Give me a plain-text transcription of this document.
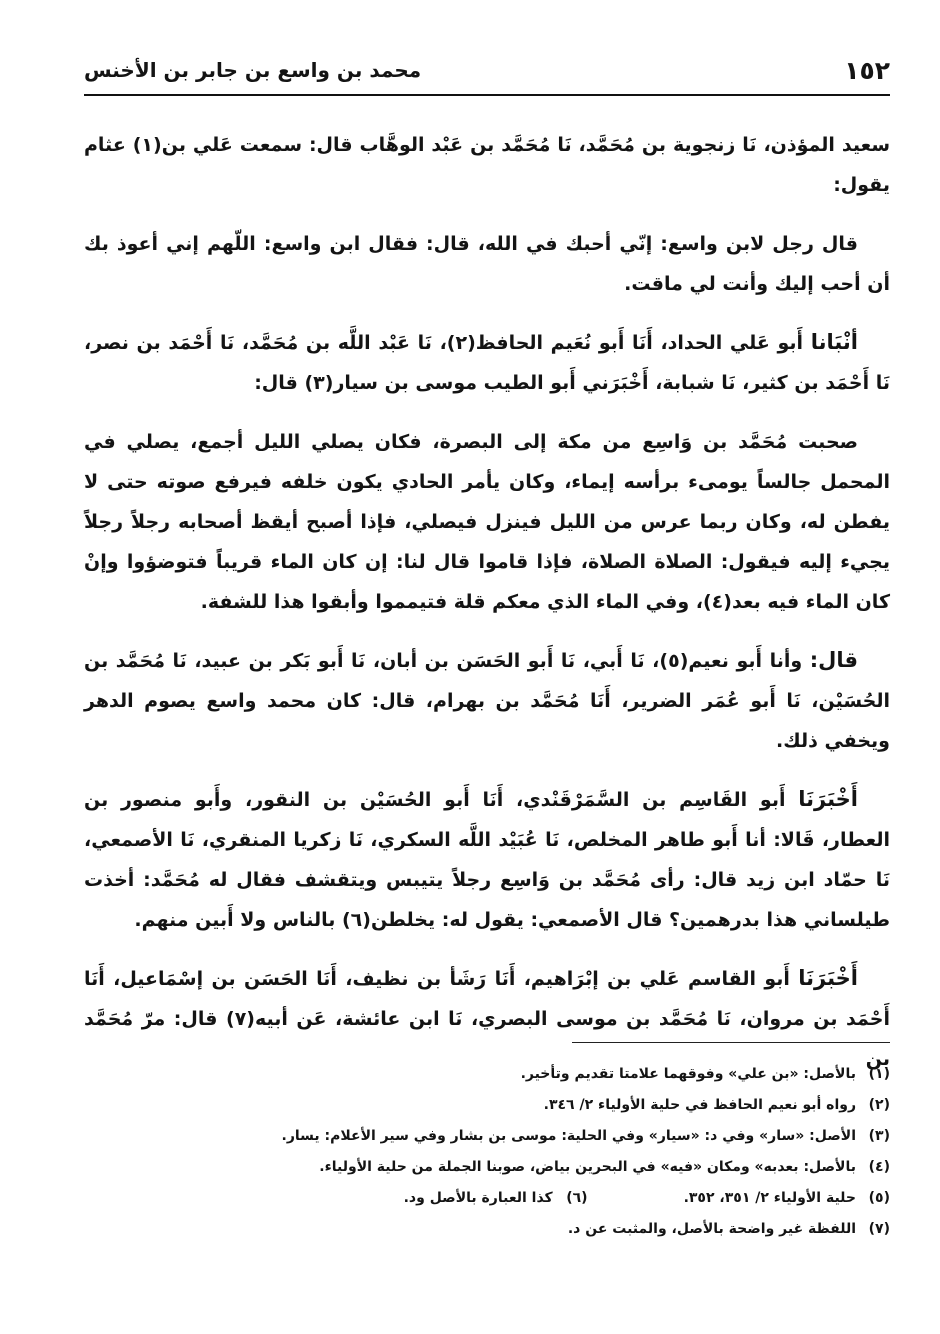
١٥٢
محمد بن واسع بن جابر بن الأخنس

سعيد المؤذن، نَا زنجوية بن مُحَمَّد، نَا مُحَمَّد بن عَبْد الوهَّاب قال: سمعت عَلي بن(١) عثام يقول:

قال رجل لابن واسع: إنّي أحبك في الله، قال: فقال ابن واسع: اللّهم إني أعوذ بك أن أحب إليك وأنت لي ماقت.

أنْبَانا أَبو عَلي الحداد، أَنَا أَبو نُعَيم الحافظ(٢)، نَا عَبْد اللَّه بن مُحَمَّد، نَا أَحْمَد بن نصر، نَا أَحْمَد بن كثير، نَا شبابة، أَخْبَرَني أَبو الطيب موسى بن سيار(٣) قال:

صحبت مُحَمَّد بن وَاسِع من مكة إلى البصرة، فكان يصلي الليل أجمع، يصلي في المحمل جالساً يومىء برأسه إيماء، وكان يأمر الحادي يكون خلفه فيرفع صوته حتى لا يفطن له، وكان ربما عرس من الليل فينزل فيصلي، فإذا أصبح أيقظ أصحابه رجلاً رجلاً يجيء إليه فيقول: الصلاة الصلاة، فإذا قاموا قال لنا: إن كان الماء قريباً فتوضؤوا وإنْ كان الماء فيه بعد(٤)، وفي الماء الذي معكم قلة فتيمموا وأبقوا هذا للشفة.

قال: وأنا أَبو نعيم(٥)، نَا أَبي، نَا أَبو الحَسَن بن أبان، نَا أَبو بَكر بن عبيد، نَا مُحَمَّد بن الحُسَيْن، نَا أَبو عُمَر الضرير، أَنَا مُحَمَّد بن بهرام، قال: كان محمد واسع يصوم الدهر ويخفي ذلك.

أَخْبَرَنَا أَبو القَاسِم بن السَّمَرْقَنْدي، أَنَا أَبو الحُسَيْن بن النقور، وأَبو منصور بن العطار، قَالا: أنا أَبو طاهر المخلص، نَا عُبَيْد اللَّه السكري، نَا زكريا المنقري، نَا الأصمعي، نَا حمّاد ابن زيد قال: رأى مُحَمَّد بن وَاسِع رجلاً يتيبس ويتقشف فقال له مُحَمَّد: أخذت طيلساني هذا بدرهمين؟ قال الأصمعي: يقول له: يخلطن(٦) بالناس ولا أَبين منهم.

أَخْبَرَنَا أَبو القاسم عَلي بن إبْرَاهيم، أَنَا رَشَأ بن نظيف، أَنَا الحَسَن بن إسْمَاعيل، أَنَا أَحْمَد بن مروان، نَا مُحَمَّد بن موسى البصري، نَا ابن عائشة، عَن أبيه(٧) قال: مرّ مُحَمَّد بن

(١)
بالأصل: «بن علي» وفوقهما علامتا تقديم وتأخير.
(٢)
رواه أبو نعيم الحافظ في حلية الأولياء ٢/ ٣٤٦.
(٣)
الأصل: «سار» وفي د: «سيار» وفي الحلية: موسى بن بشار وفي سير الأعلام: يسار.
(٤)
بالأصل: بعدبه» ومكان «فيه» في البحرين بياض، صوبنا الجملة من حلية الأولياء.
(٥)
حلية الأولياء ٢/ ٣٥١، ٣٥٢.
(٦) كذا العبارة بالأصل ود.
(٧)
اللفظة غير واضحة بالأصل، والمثبت عن د.
